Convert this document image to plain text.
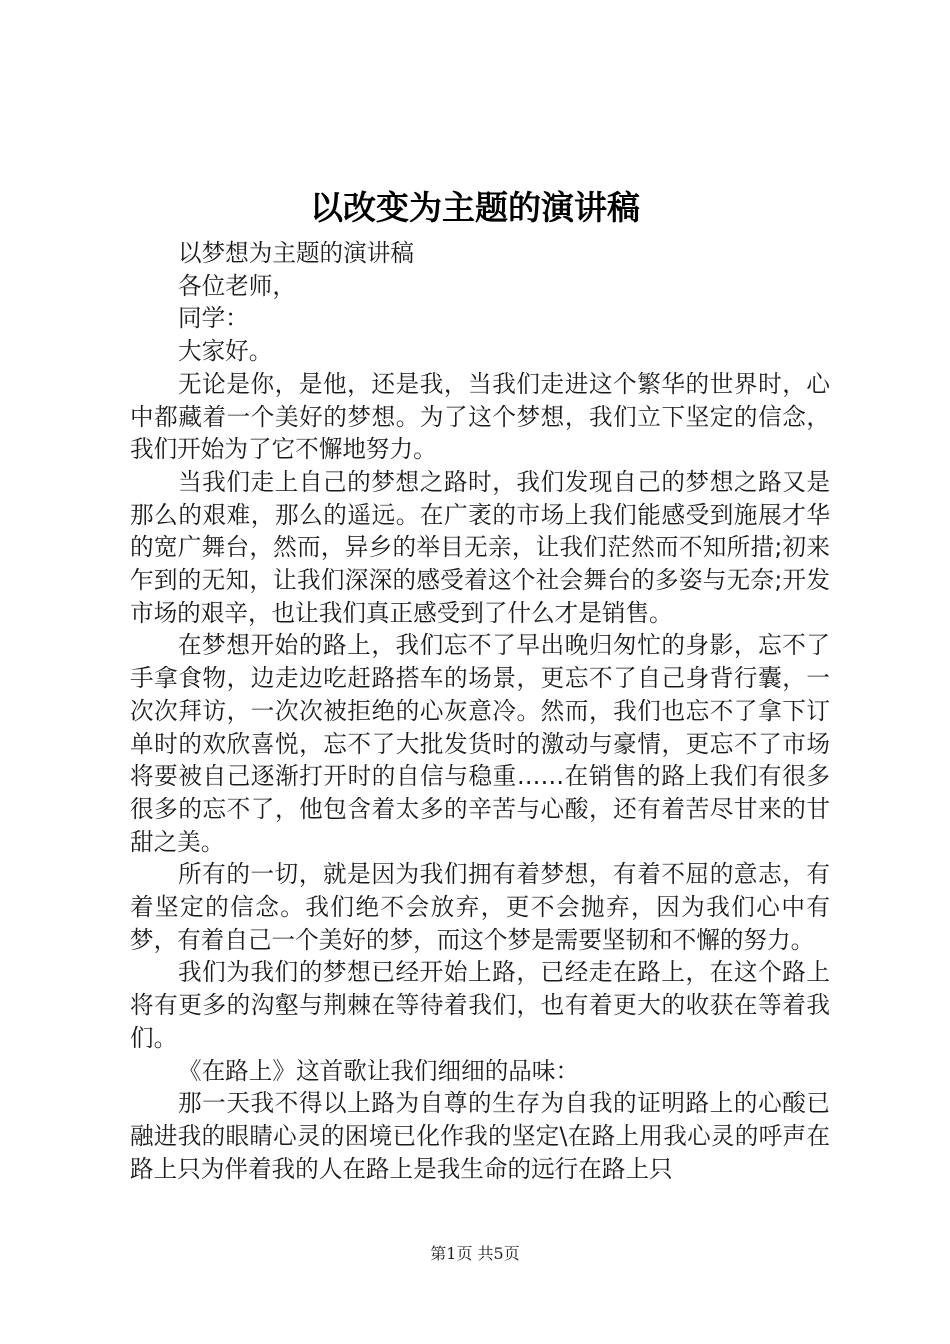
以改变为主题的演讲稿

以梦想为主题的演讲稿

各位老师，

同学：

大家好。

无论是你，是他，还是我，当我们走进这个繁华的世界时，心中都藏着一个美好的梦想。为了这个梦想，我们立下坚定的信念，我们开始为了它不懈地努力。

当我们走上自己的梦想之路时，我们发现自己的梦想之路又是那么的艰难，那么的遥远。在广袤的市场上我们能感受到施展才华的宽广舞台，然而，异乡的举目无亲，让我们茫然而不知所措;初来乍到的无知，让我们深深的感受着这个社会舞台的多姿与无奈;开发市场的艰辛，也让我们真正感受到了什么才是销售。

在梦想开始的路上，我们忘不了早出晚归匆忙的身影，忘不了手拿食物，边走边吃赶路搭车的场景，更忘不了自己身背行囊，一次次拜访，一次次被拒绝的心灰意冷。然而，我们也忘不了拿下订单时的欢欣喜悦，忘不了大批发货时的激动与豪情，更忘不了市场将要被自己逐渐打开时的自信与稳重……在销售的路上我们有很多很多的忘不了，他包含着太多的辛苦与心酸，还有着苦尽甘来的甘甜之美。

所有的一切，就是因为我们拥有着梦想，有着不屈的意志，有着坚定的信念。我们绝不会放弃，更不会抛弃，因为我们心中有梦，有着自己一个美好的梦，而这个梦是需要坚韧和不懈的努力。

我们为我们的梦想已经开始上路，已经走在路上，在这个路上将有更多的沟壑与荆棘在等待着我们，也有着更大的收获在等着我们。

《在路上》这首歌让我们细细的品味：

那一天我不得以上路为自尊的生存为自我的证明路上的心酸已融进我的眼睛心灵的困境已化作我的坚定\在路上用我心灵的呼声在路上只为伴着我的人在路上是我生命的远行在路上只

第1页 共5页
